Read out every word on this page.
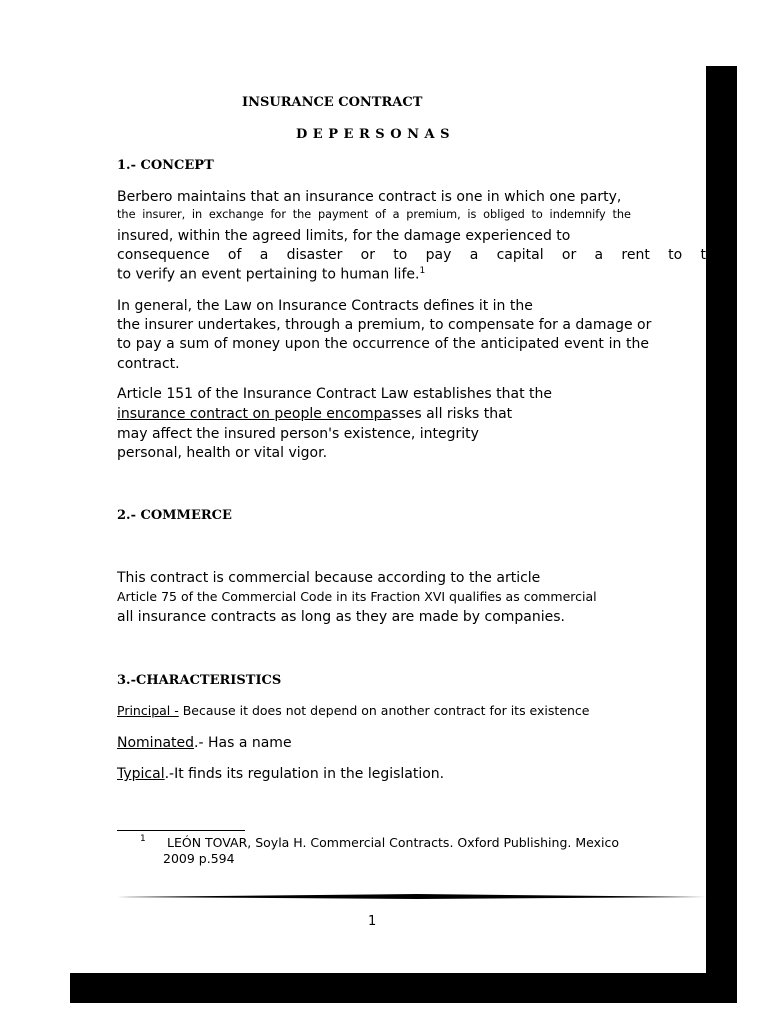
INSURANCE CONTRACT
D E P E R S O N A S
1.- CONCEPT
Berbero maintains that an insurance contract is one in which one party,
the insurer, in exchange for the payment of a premium, is obliged to indemnify the
insured, within the agreed limits, for the damage experienced to
consequence of a disaster or to pay a capital or a rent to t
to verify an event pertaining to human life.$^1$
In general, the Law on Insurance Contracts defines it in the
the insurer undertakes, through a premium, to compensate for a damage or
to pay a sum of money upon the occurrence of the anticipated event in the
contract.
Article 151 of the Insurance Contract Law establishes that the
insurance contract on people encompasses all risks that
may affect the insured person's existence, integrity
personal, health or vital vigor.
2.- COMMERCE
This contract is commercial because according to the article
Article 75 of the Commercial Code in its Fraction XVI qualifies as commercial
all insurance contracts as long as they are made by companies.
3.-CHARACTERISTICS
Principal - Because it does not depend on another contract for its existence
Nominated.- Has a name
Typical.-It finds its regulation in the legislation.
1 LEÓN TOVAR, Soyla H. Commercial Contracts. Oxford Publishing. Mexico
2009 p.594
1
